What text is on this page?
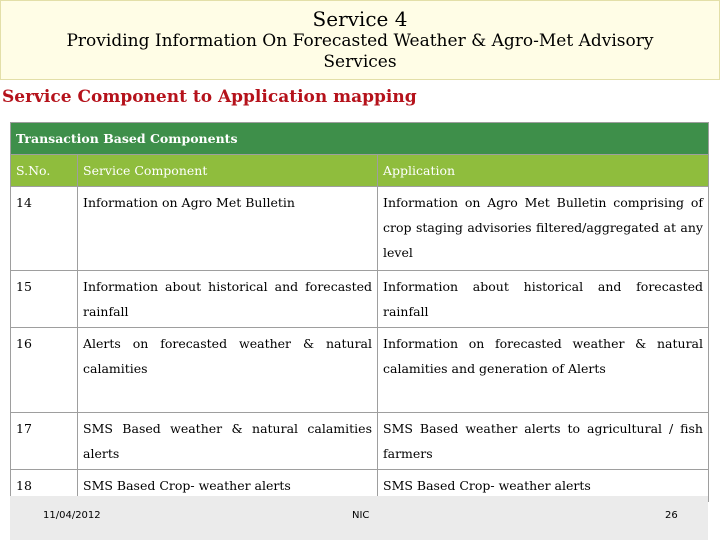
Service 4
Providing Information On Forecasted Weather & Agro-Met Advisory Services
Service Component to Application mapping
Transaction Based Components		
S.No.	Service Component	Application
14	Information on Agro Met Bulletin	Information on Agro Met Bulletin comprising of crop staging advisories filtered/aggregated at any level
15	Information about historical and forecasted rainfall	Information about historical and forecasted rainfall
16	Alerts on forecasted weather & natural calamities	Information on forecasted weather & natural calamities and generation of Alerts
17	SMS Based weather & natural calamities alerts	SMS Based weather alerts to agricultural / fish farmers
18	SMS Based Crop- weather alerts	SMS Based Crop- weather alerts
11/04/2012	NIC	26
